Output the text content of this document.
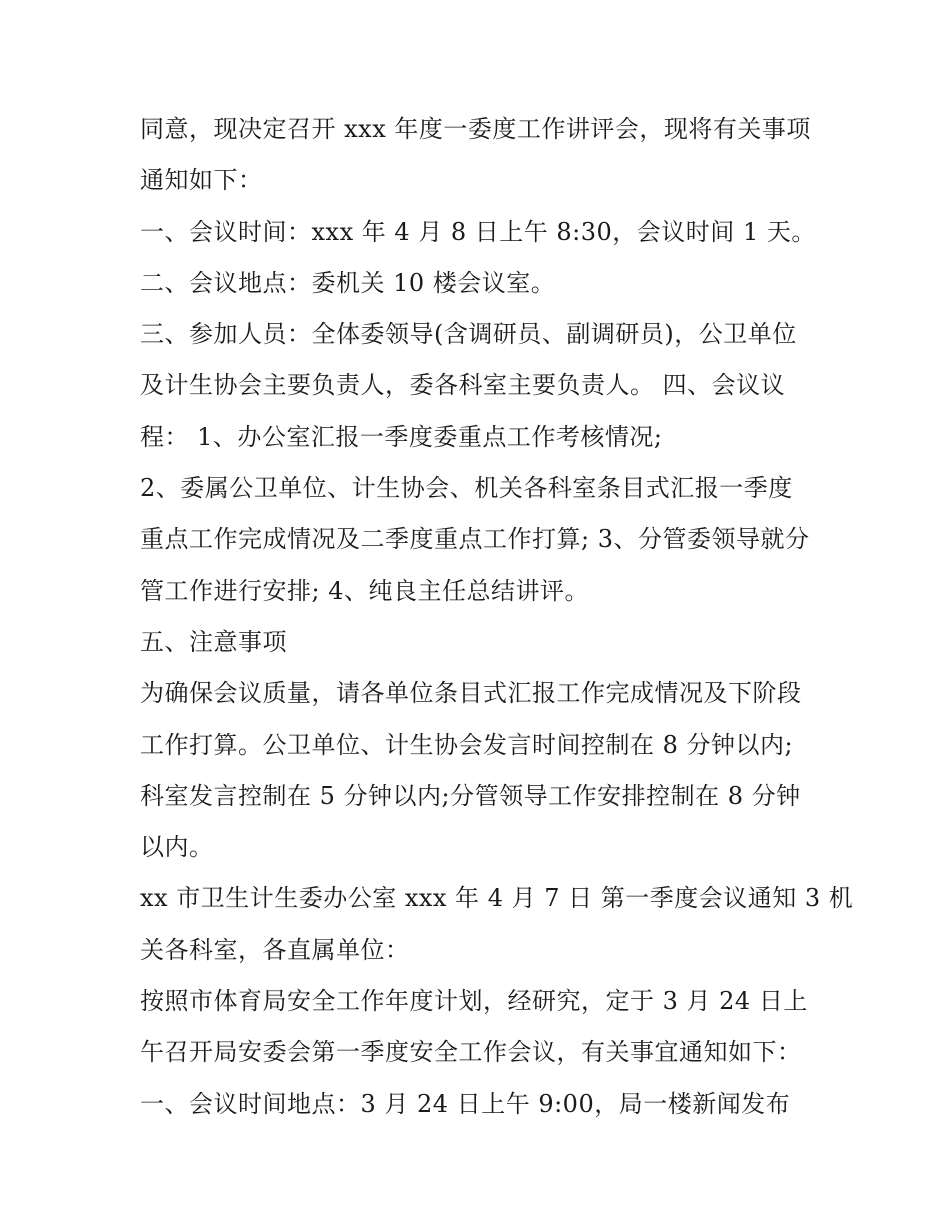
同意，现决定召开 xxx 年度一委度工作讲评会，现将有关事项
通知如下：
一、会议时间：xxx 年 4 月 8 日上午 8:30，会议时间 1 天。
二、会议地点：委机关 10 楼会议室。
三、参加人员：全体委领导(含调研员、副调研员)，公卫单位
及计生协会主要负责人，委各科室主要负责人。 四、会议议
程： 1、办公室汇报一季度委重点工作考核情况;
2、委属公卫单位、计生协会、机关各科室条目式汇报一季度
重点工作完成情况及二季度重点工作打算; 3、分管委领导就分
管工作进行安排; 4、纯良主任总结讲评。
五、注意事项
为确保会议质量，请各单位条目式汇报工作完成情况及下阶段
工作打算。公卫单位、计生协会发言时间控制在 8 分钟以内;
科室发言控制在 5 分钟以内;分管领导工作安排控制在 8 分钟
以内。
xx 市卫生计生委办公室 xxx 年 4 月 7 日 第一季度会议通知 3 机
关各科室，各直属单位：
按照市体育局安全工作年度计划，经研究，定于 3 月 24 日上
午召开局安委会第一季度安全工作会议，有关事宜通知如下：
一、会议时间地点：3 月 24 日上午 9:00，局一楼新闻发布
